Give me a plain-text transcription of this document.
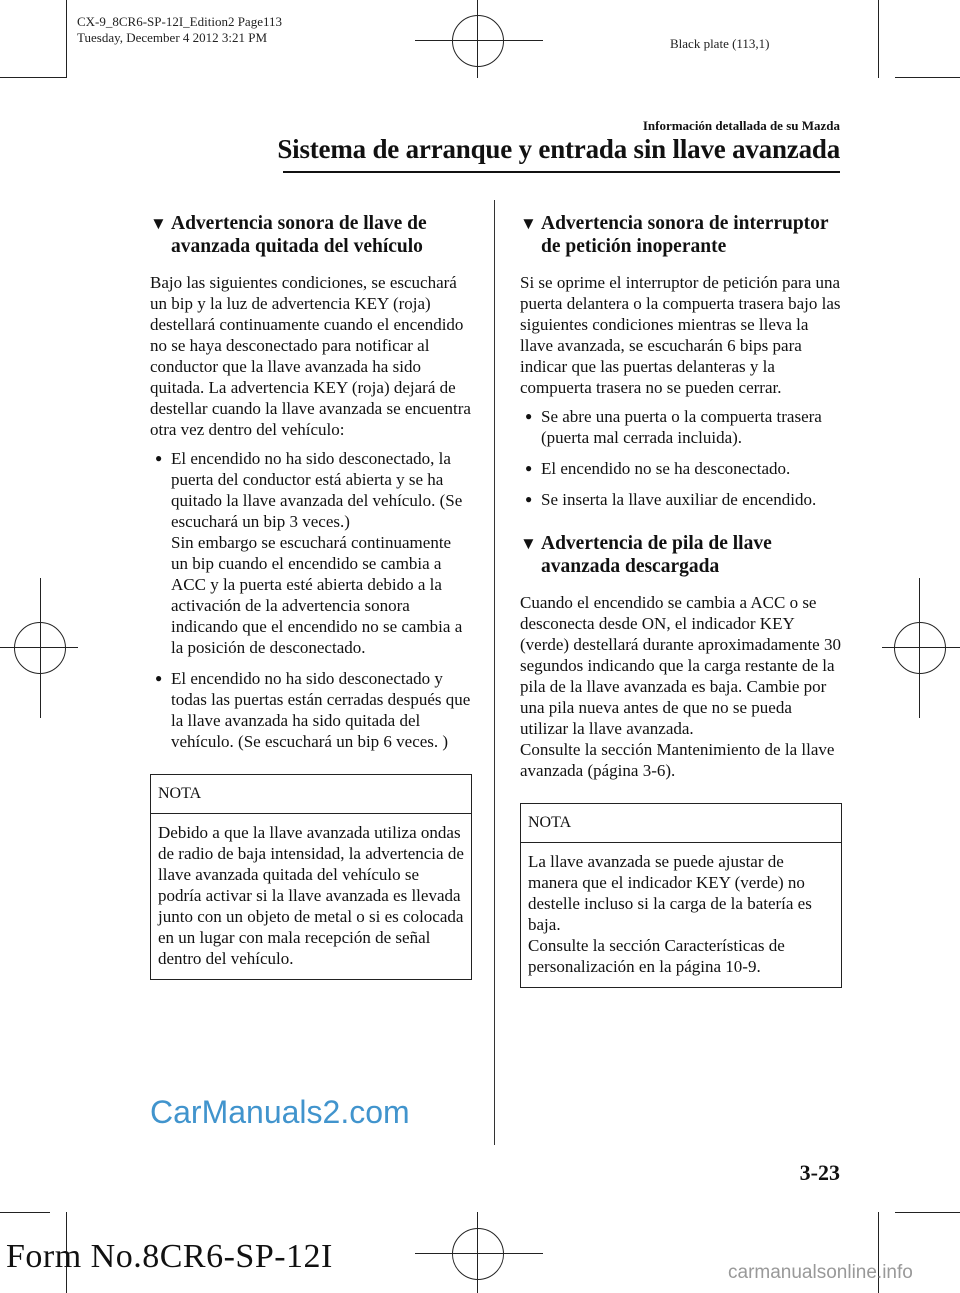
CX-9_8CR6-SP-12I_Edition2 Page113
Tuesday, December 4 2012 3:21 PM	Black plate (113,1)
Información detallada de su Mazda
Sistema de arranque y entrada sin llave avanzada
▼ Advertencia sonora de llave de avanzada quitada del vehículo

Bajo las siguientes condiciones, se escuchará un bip y la luz de advertencia KEY (roja) destellará continuamente cuando el encendido no se haya desconectado para notificar al conductor que la llave avanzada ha sido quitada. La advertencia KEY (roja) dejará de destellar cuando la llave avanzada se encuentra otra vez dentro del vehículo:

● El encendido no ha sido desconectado, la puerta del conductor está abierta y se ha quitado la llave avanzada del vehículo. (Se escuchará un bip 3 veces.)
Sin embargo se escuchará continuamente un bip cuando el encendido se cambia a ACC y la puerta esté abierta debido a la activación de la advertencia sonora indicando que el encendido no se cambia a la posición de desconectado.
● El encendido no ha sido desconectado y todas las puertas están cerradas después que la llave avanzada ha sido quitada del vehículo. (Se escuchará un bip 6 veces. )
NOTA
Debido a que la llave avanzada utiliza ondas de radio de baja intensidad, la advertencia de llave avanzada quitada del vehículo se podría activar si la llave avanzada es llevada junto con un objeto de metal o si es colocada en un lugar con mala recepción de señal dentro del vehículo.
▼ Advertencia sonora de interruptor de petición inoperante

Si se oprime el interruptor de petición para una puerta delantera o la compuerta trasera bajo las siguientes condiciones mientras se lleva la llave avanzada, se escucharán 6 bips para indicar que las puertas delanteras y la compuerta trasera no se pueden cerrar.

● Se abre una puerta o la compuerta trasera (puerta mal cerrada incluida).
● El encendido no se ha desconectado.
● Se inserta la llave auxiliar de encendido.
▼ Advertencia de pila de llave avanzada descargada

Cuando el encendido se cambia a ACC o se desconecta desde ON, el indicador KEY (verde) destellará durante aproximadamente 30 segundos indicando que la carga restante de la pila de la llave avanzada es baja. Cambie por una pila nueva antes de que no se pueda utilizar la llave avanzada.

Consulte la sección Mantenimiento de la llave avanzada (página 3-6).

NOTA
La llave avanzada se puede ajustar de manera que el indicador KEY (verde) no destelle incluso si la carga de la batería es baja.
Consulte la sección Características de personalización en la página 10-9.
3-23
Form No.8CR6-SP-12I
CarManuals2.com
carmanualsonline.info
